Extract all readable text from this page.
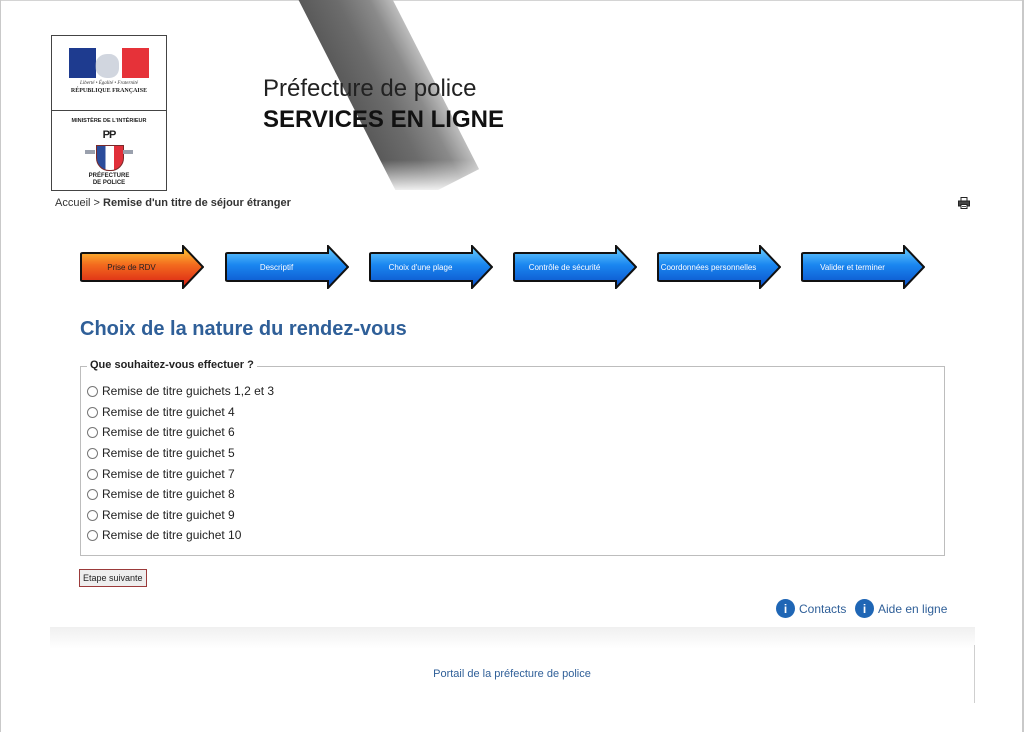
Liberté • Égalité • Fraternité
RÉPUBLIQUE FRANÇAISE
MINISTÈRE DE L'INTÉRIEUR
PP
PRÉFECTURE
DE POLICE
Préfecture de police
SERVICES EN LIGNE
Accueil > Remise d'un titre de séjour étranger
Prise de RDV	Descriptif	Choix d'une plage	Contrôle de sécurité	Coordonnées personnelles	Valider et terminer
Choix de la nature du rendez-vous
Que souhaitez-vous effectuer ?
Remise de titre guichets 1,2 et 3
Remise de titre guichet 4
Remise de titre guichet 6
Remise de titre guichet 5
Remise de titre guichet 7
Remise de titre guichet 8
Remise de titre guichet 9
Remise de titre guichet 10
Etape suivante
i Contacts	i Aide en ligne
Portail de la préfecture de police
